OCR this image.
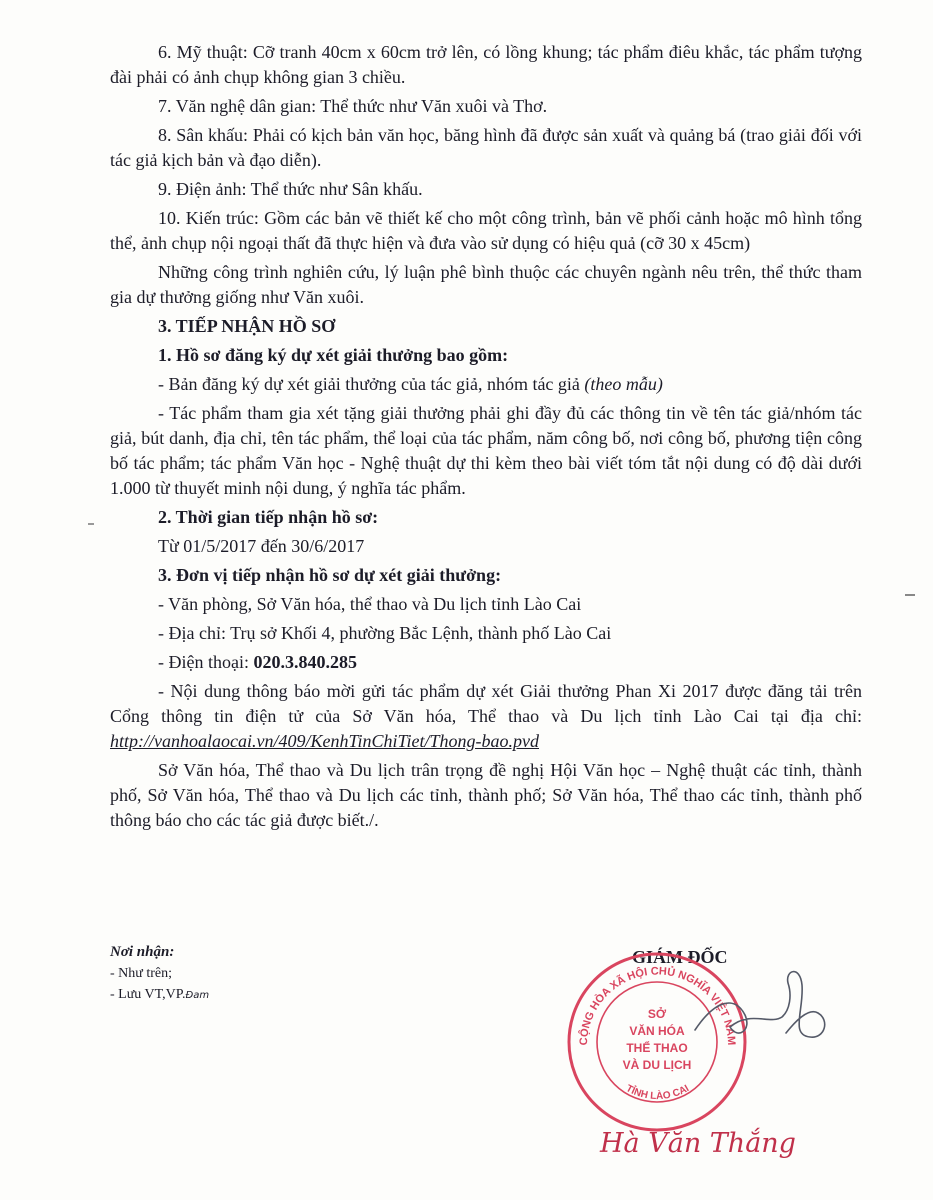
6. Mỹ thuật: Cỡ tranh 40cm x 60cm trở lên, có lồng khung; tác phẩm điêu khắc, tác phẩm tượng đài phải có ảnh chụp không gian 3 chiều.

7. Văn nghệ dân gian: Thể thức như Văn xuôi và Thơ.

8. Sân khấu: Phải có kịch bản văn học, băng hình đã được sản xuất và quảng bá (trao giải đối với tác giả kịch bản và đạo diễn).

9. Điện ảnh: Thể thức như Sân khấu.

10. Kiến trúc: Gồm các bản vẽ thiết kế cho một công trình, bản vẽ phối cảnh hoặc mô hình tổng thể, ảnh chụp nội ngoại thất đã thực hiện và đưa vào sử dụng có hiệu quả (cỡ 30 x 45cm)

Những công trình nghiên cứu, lý luận phê bình thuộc các chuyên ngành nêu trên, thể thức tham gia dự thưởng giống như Văn xuôi.

3. TIẾP NHẬN HỒ SƠ

1. Hồ sơ đăng ký dự xét giải thưởng bao gồm:

- Bản đăng ký dự xét giải thưởng của tác giả, nhóm tác giả (theo mẫu)

- Tác phẩm tham gia xét tặng giải thưởng phải ghi đầy đủ các thông tin về tên tác giả/nhóm tác giả, bút danh, địa chỉ, tên tác phẩm, thể loại của tác phẩm, năm công bố, nơi công bố, phương tiện công bố tác phẩm; tác phẩm Văn học - Nghệ thuật dự thi kèm theo bài viết tóm tắt nội dung có độ dài dưới 1.000 từ thuyết minh nội dung, ý nghĩa tác phẩm.

2. Thời gian tiếp nhận hồ sơ:

Từ 01/5/2017 đến 30/6/2017

3. Đơn vị tiếp nhận hồ sơ dự xét giải thưởng:

- Văn phòng, Sở Văn hóa, thể thao và Du lịch tỉnh Lào Cai

- Địa chỉ: Trụ sở Khối 4, phường Bắc Lệnh, thành phố Lào Cai

- Điện thoại: 020.3.840.285

- Nội dung thông báo mời gửi tác phẩm dự xét Giải thưởng Phan Xi 2017 được đăng tải trên Cổng thông tin điện tử của Sở Văn hóa, Thể thao và Du lịch tỉnh Lào Cai tại địa chỉ: http://vanhoalaocai.vn/409/KenhTinChiTiet/Thong-bao.pvd

Sở Văn hóa, Thể thao và Du lịch trân trọng đề nghị Hội Văn học – Nghệ thuật các tỉnh, thành phố, Sở Văn hóa, Thể thao và Du lịch các tỉnh, thành phố; Sở Văn hóa, Thể thao các tỉnh, thành phố thông báo cho các tác giả được biết./.

Nơi nhận:
- Như trên;
- Lưu VT,VP.Đam
GIÁM ĐỐC
CỘNG HÒA XÃ HỘI CHỦ NGHĨA VIỆT NAM
TỈNH LÀO CAI
SỞ
VĂN HÓA
THỂ THAO
VÀ DU LỊCH
Hà Văn Thắng
